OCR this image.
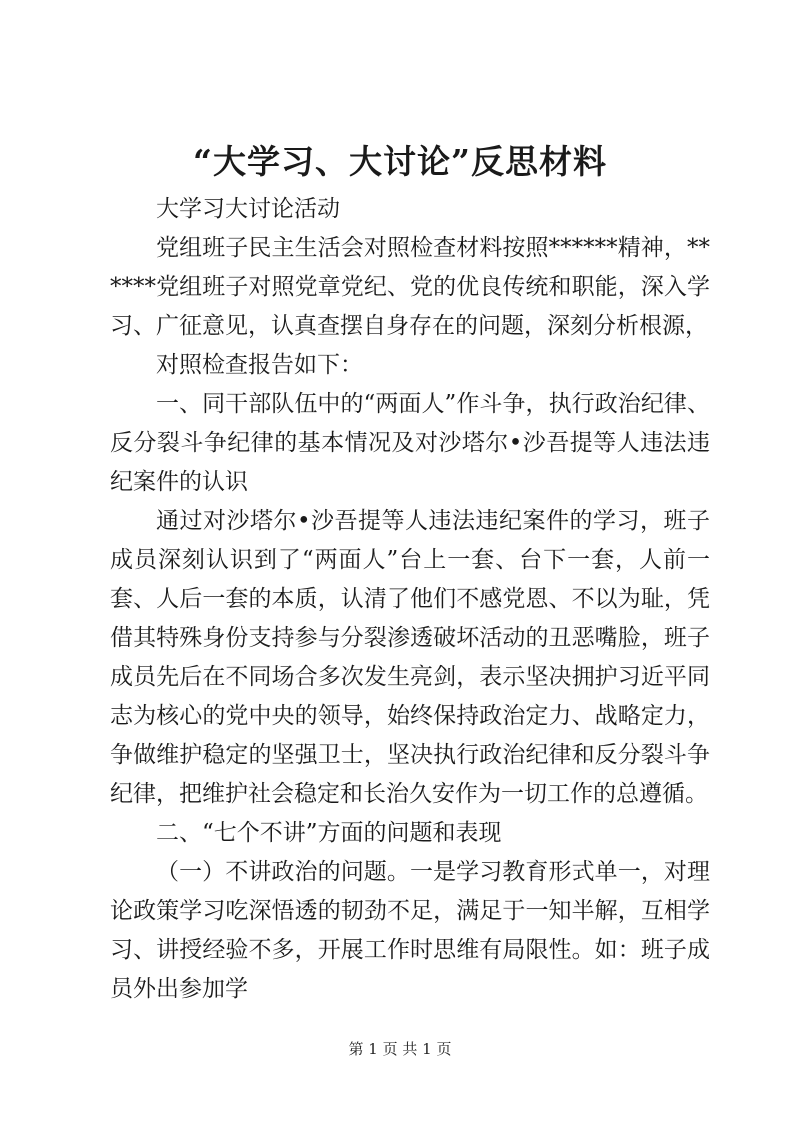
“大学习、大讨论”反思材料

大学习大讨论活动

党组班子民主生活会对照检查材料按照******精神，******党组班子对照党章党纪、党的优良传统和职能，深入学习、广征意见，认真查摆自身存在的问题，深刻分析根源，

对照检查报告如下：

一、同干部队伍中的“两面人”作斗争，执行政治纪律、反分裂斗争纪律的基本情况及对沙塔尔•沙吾提等人违法违纪案件的认识

通过对沙塔尔•沙吾提等人违法违纪案件的学习，班子成员深刻认识到了“两面人”台上一套、台下一套，人前一套、人后一套的本质，认清了他们不感党恩、不以为耻，凭借其特殊身份支持参与分裂渗透破坏活动的丑恶嘴脸，班子成员先后在不同场合多次发生亮剑，表示坚决拥护习近平同志为核心的党中央的领导，始终保持政治定力、战略定力，争做维护稳定的坚强卫士，坚决执行政治纪律和反分裂斗争纪律，把维护社会稳定和长治久安作为一切工作的总遵循。

二、“七个不讲”方面的问题和表现

（一）不讲政治的问题。一是学习教育形式单一，对理论政策学习吃深悟透的韧劲不足，满足于一知半解，互相学习、讲授经验不多，开展工作时思维有局限性。如：班子成员外出参加学

第 1 页 共 1 页
